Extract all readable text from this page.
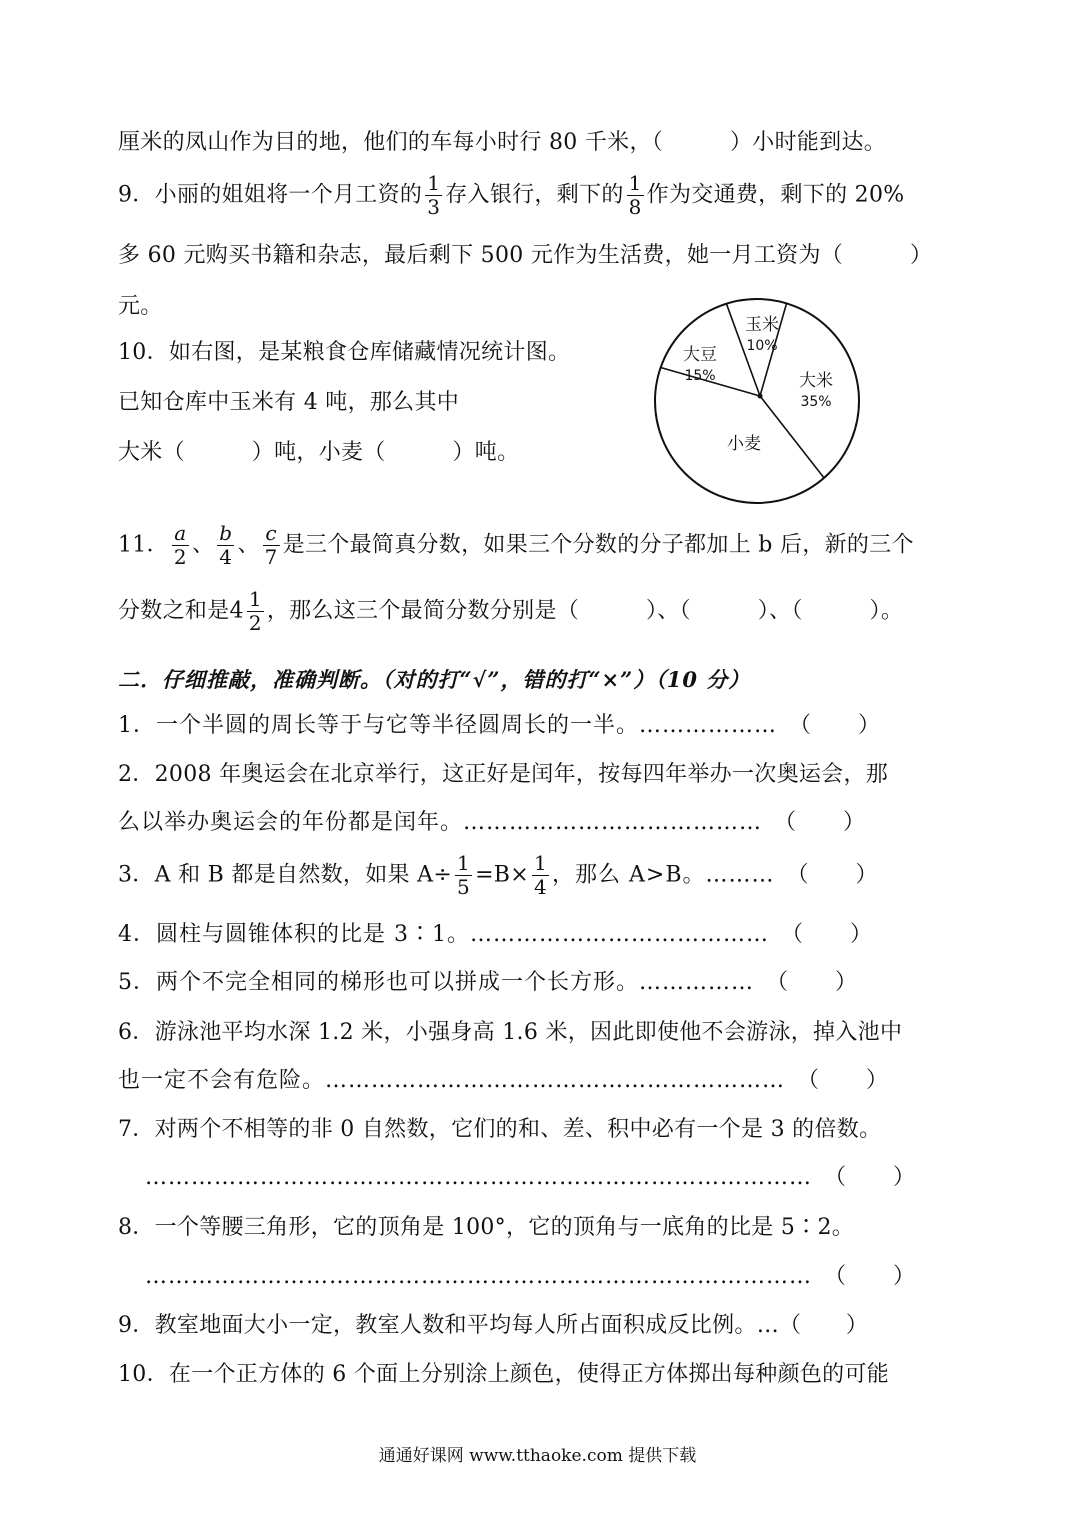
厘米的凤山作为目的地，他们的车每小时行 80 千米，（　　　）小时能到达。

9．小丽的姐姐将一个月工资的 $\frac{1}{3}$ 存入银行，剩下的 $\frac{1}{8}$ 作为交通费，剩下的 20%

多 60 元购买书籍和杂志，最后剩下 500 元作为生活费，她一月工资为（　　　）

元。

10．如右图，是某粮食仓库储藏情况统计图。

已知仓库中玉米有 4 吨，那么其中

大米（　　　）吨，小麦（　　　）吨。

玉米
10%
大米
35%
小麦
大豆
15%

11． $\frac{a}{2}$ 、 $\frac{b}{4}$ 、 $\frac{c}{7}$ 是三个最简真分数，如果三个分数的分子都加上 b 后，新的三个

分数之和是$4 \frac{1}{2}$ ，那么这三个最简分数分别是（　　　）、（　　　）、（　　　）。

二．仔细推敲，准确判断。（对的打“√”，错的打“×”）（10 分）

1．一个半圆的周长等于与它等半径圆周长的一半。………………　（　　）

2．2008 年奥运会在北京举行，这正好是闰年，按每四年举办一次奥运会，那

么以举办奥运会的年份都是闰年。…………………………………　（　　）

3．A 和 B 都是自然数，如果 $A\div \frac{1}{5} =B\times \frac{1}{4}$ ，那么 A>B。………　（　　）

4．圆柱与圆锥体积的比是 3∶1。…………………………………　（　　）

5．两个不完全相同的梯形也可以拼成一个长方形。……………　（　　）

6．游泳池平均水深 1.2 米，小强身高 1.6 米，因此即使他不会游泳，掉入池中

也一定不会有危险。……………………………………………………　（　　）

7．对两个不相等的非 0 自然数，它们的和、差、积中必有一个是 3 的倍数。

……………………………………………………………………………　（　　）

8．一个等腰三角形，它的顶角是 100°，它的顶角与一底角的比是 5∶2。

……………………………………………………………………………　（　　）

9．教室地面大小一定，教室人数和平均每人所占面积成反比例。…（　　）

10．在一个正方体的 6 个面上分别涂上颜色，使得正方体掷出每种颜色的可能

通通好课网 www.tthaoke.com 提供下载
